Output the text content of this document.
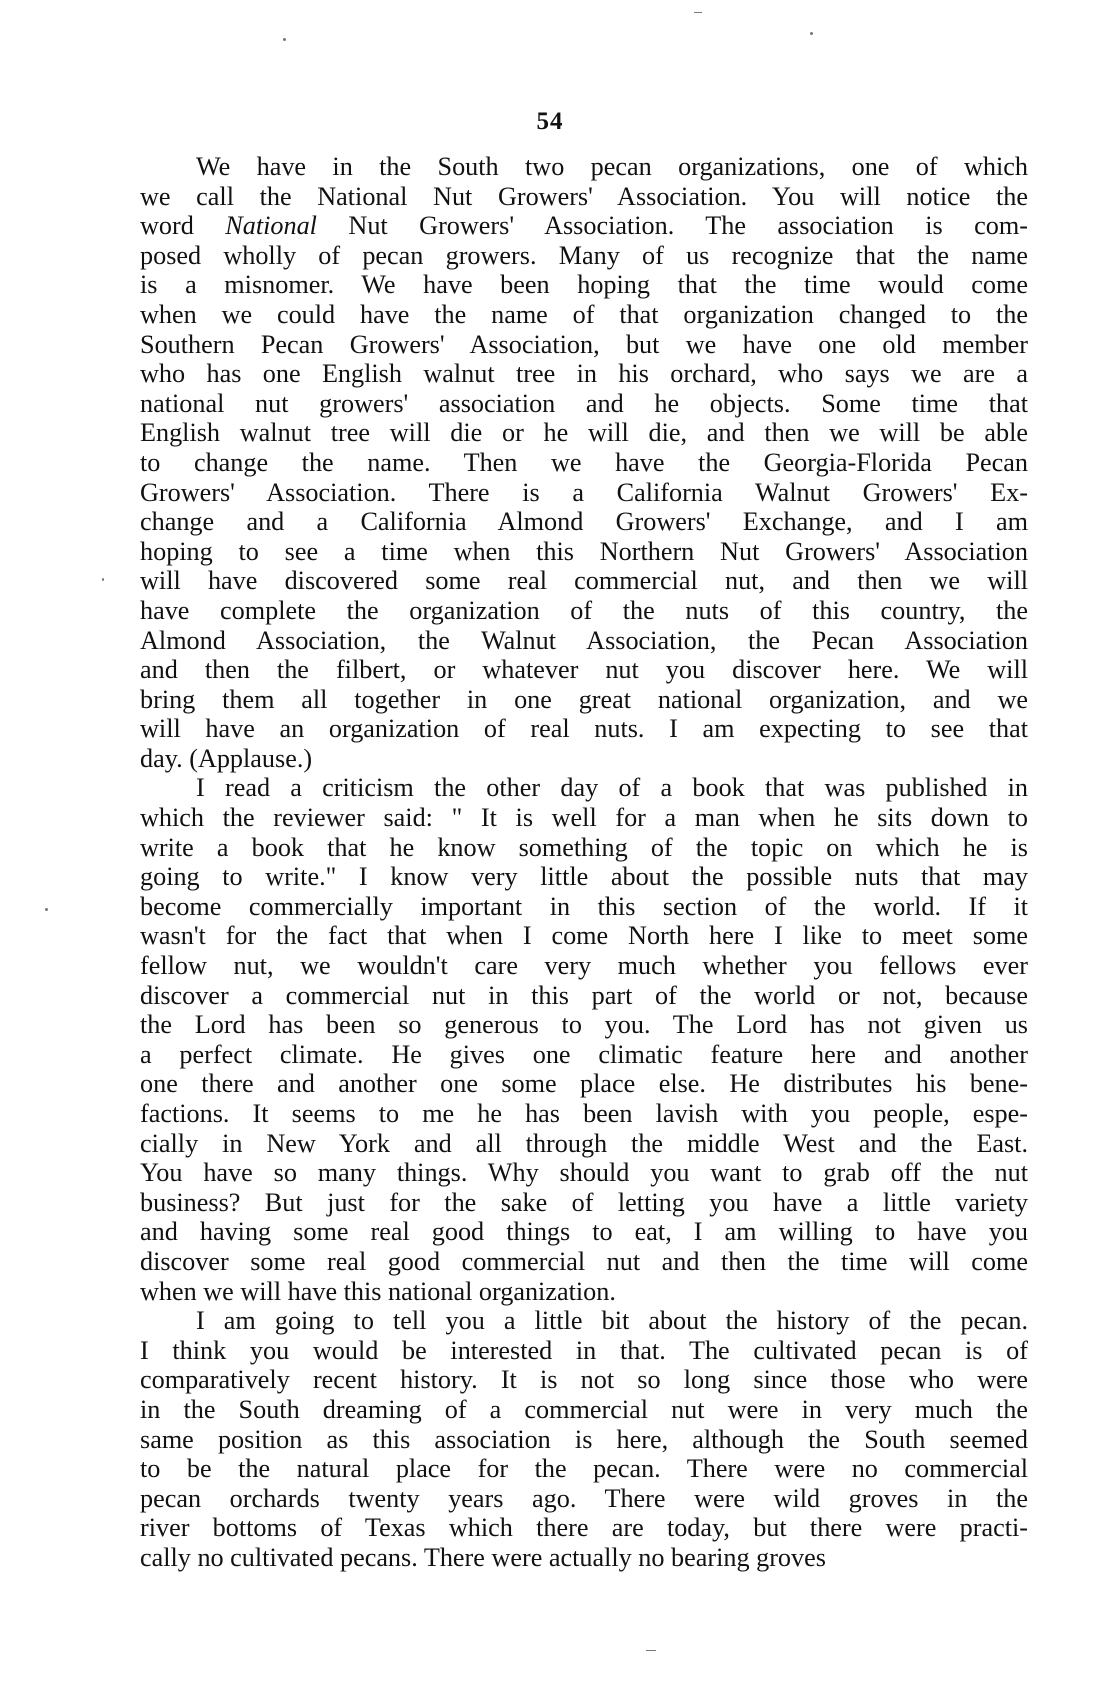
54

We have in the South two pecan organizations, one of which
we call the National Nut Growers' Association. You will notice the
word National Nut Growers' Association. The association is com-
posed wholly of pecan growers. Many of us recognize that the name
is a misnomer. We have been hoping that the time would come
when we could have the name of that organization changed to the
Southern Pecan Growers' Association, but we have one old member
who has one English walnut tree in his orchard, who says we are a
national nut growers' association and he objects. Some time that
English walnut tree will die or he will die, and then we will be able
to change the name. Then we have the Georgia-Florida Pecan
Growers' Association. There is a California Walnut Growers' Ex-
change and a California Almond Growers' Exchange, and I am
hoping to see a time when this Northern Nut Growers' Association
will have discovered some real commercial nut, and then we will
have complete the organization of the nuts of this country, the
Almond Association, the Walnut Association, the Pecan Association
and then the filbert, or whatever nut you discover here. We will
bring them all together in one great national organization, and we
will have an organization of real nuts. I am expecting to see that
day. (Applause.)

I read a criticism the other day of a book that was published in
which the reviewer said: " It is well for a man when he sits down to
write a book that he know something of the topic on which he is
going to write." I know very little about the possible nuts that may
become commercially important in this section of the world. If it
wasn't for the fact that when I come North here I like to meet some
fellow nut, we wouldn't care very much whether you fellows ever
discover a commercial nut in this part of the world or not, because
the Lord has been so generous to you. The Lord has not given us
a perfect climate. He gives one climatic feature here and another
one there and another one some place else. He distributes his bene-
factions. It seems to me he has been lavish with you people, espe-
cially in New York and all through the middle West and the East.
You have so many things. Why should you want to grab off the nut
business? But just for the sake of letting you have a little variety
and having some real good things to eat, I am willing to have you
discover some real good commercial nut and then the time will come
when we will have this national organization.

I am going to tell you a little bit about the history of the pecan.
I think you would be interested in that. The cultivated pecan is of
comparatively recent history. It is not so long since those who were
in the South dreaming of a commercial nut were in very much the
same position as this association is here, although the South seemed
to be the natural place for the pecan. There were no commercial
pecan orchards twenty years ago. There were wild groves in the
river bottoms of Texas which there are today, but there were practi-
cally no cultivated pecans. There were actually no bearing groves
